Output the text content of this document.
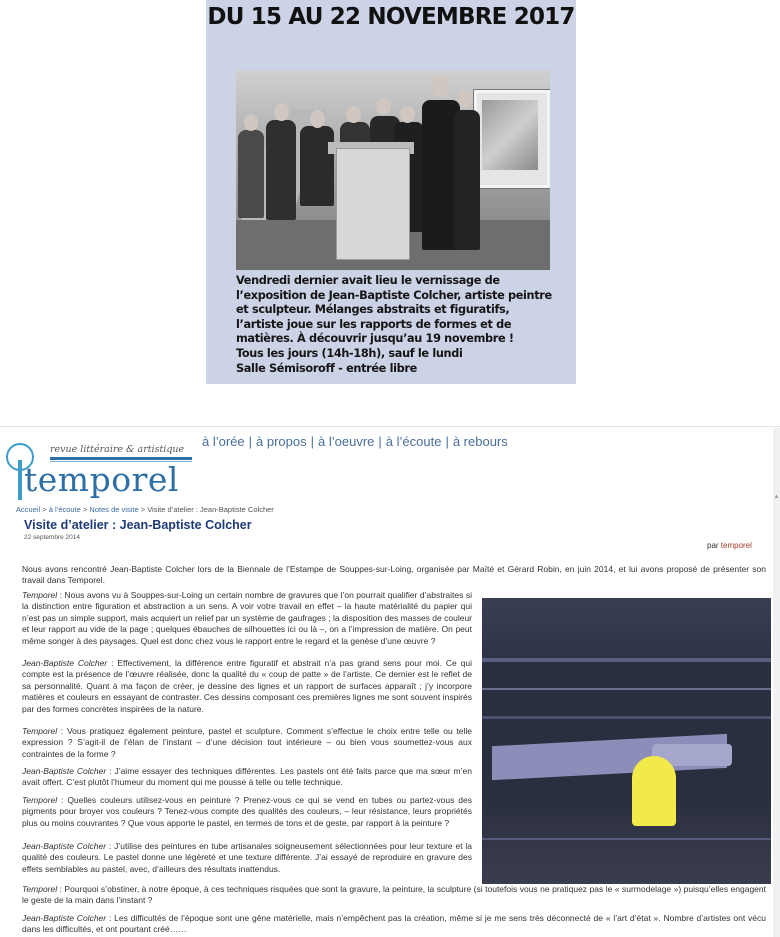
DU 15 AU 22 NOVEMBRE 2017

Vendredi dernier avait lieu le vernissage de l’exposition de Jean-Baptiste Colcher, artiste peintre et sculpteur. Mélanges abstraits et figuratifs, l’artiste joue sur les rapports de formes et de matières. À découvrir jusqu’au 19 novembre !

Tous les jours (14h-18h), sauf le lundi

Salle Sémisoroff - entrée libre

revue littéraire & artistique
temporel
à l’orée | à propos | à l’oeuvre | à l’écoute | à rebours
▲
Accueil > à l’écoute > Notes de visite > Visite d’atelier : Jean-Baptiste Colcher
Visite d’atelier : Jean-Baptiste Colcher
22 septembre 2014
par temporel

Nous avons rencontré Jean-Baptiste Colcher lors de la Biennale de l’Estampe de Souppes-sur-Loing, organisée par Maïté et Gérard Robin, en juin 2014, et lui avons proposé de présenter son travail dans Temporel.

Temporel : Nous avons vu à Souppes-sur-Loing un certain nombre de gravures que l’on pourrait qualifier d’abstraites si la distinction entre figuration et abstraction a un sens. A voir votre travail en effet – la haute matérialité du papier qui n’est pas un simple support, mais acquiert un relief par un système de gaufrages ; la disposition des masses de couleur et leur rapport au vide de la page ; quelques ébauches de silhouettes ici ou là –, on a l’impression de matière. On peut même songer à des paysages. Quel est donc chez vous le rapport entre le regard et la genèse d’une œuvre ?

Jean-Baptiste Colcher : Effectivement, la différence entre figuratif et abstrait n’a pas grand sens pour moi. Ce qui compte est la présence de l’œuvre réalisée, donc la qualité du « coup de patte » de l’artiste. Ce dernier est le reflet de sa personnalité. Quant à ma façon de créer, je dessine des lignes et un rapport de surfaces apparaît ; j’y incorpore matières et couleurs en essayant de contraster. Ces dessins composant ces premières lignes me sont souvent inspirés par des formes concrètes inspirées de la nature.

Temporel : Vous pratiquez également peinture, pastel et sculpture. Comment s’effectue le choix entre telle ou telle expression ? S’agit-il de l’élan de l’instant – d’une décision tout intérieure – ou bien vous soumettez-vous aux contraintes de la forme ?

Jean-Baptiste Colcher : J’aime essayer des techniques différentes. Les pastels ont été faits parce que ma sœur m’en avait offert. C’est plutôt l’humeur du moment qui me pousse à telle ou telle technique.

Temporel : Quelles couleurs utilisez-vous en peinture ? Prenez-vous ce qui se vend en tubes ou partez-vous des pigments pour broyer vos couleurs ? Tenez-vous compte des qualités des couleurs, – leur résistance, leurs propriétés plus ou moins couvrantes ? Que vous apporte le pastel, en termes de tons et de geste, par rapport à la peinture ?

Jean-Baptiste Colcher : J’utilise des peintures en tube artisanales soigneusement sélectionnées pour leur texture et la qualité des couleurs. Le pastel donne une légèreté et une texture différente. J’ai essayé de reproduire en gravure des effets semblables au pastel, avec, d’ailleurs des résultats inattendus.

Temporel : Pourquoi s’obstiner, à notre époque, à ces techniques risquées que sont la gravure, la peinture, la sculpture (si toutefois vous ne pratiquez pas le « surmodelage ») puisqu’elles engagent le geste de la main dans l’instant ?

Jean-Baptiste Colcher : Les difficultés de l’époque sont une gêne matérielle, mais n’empêchent pas la création, même si je me sens très déconnecté de « l’art d’état ». Nombre d’artistes ont vécu dans les difficultés, et ont pourtant créé……
